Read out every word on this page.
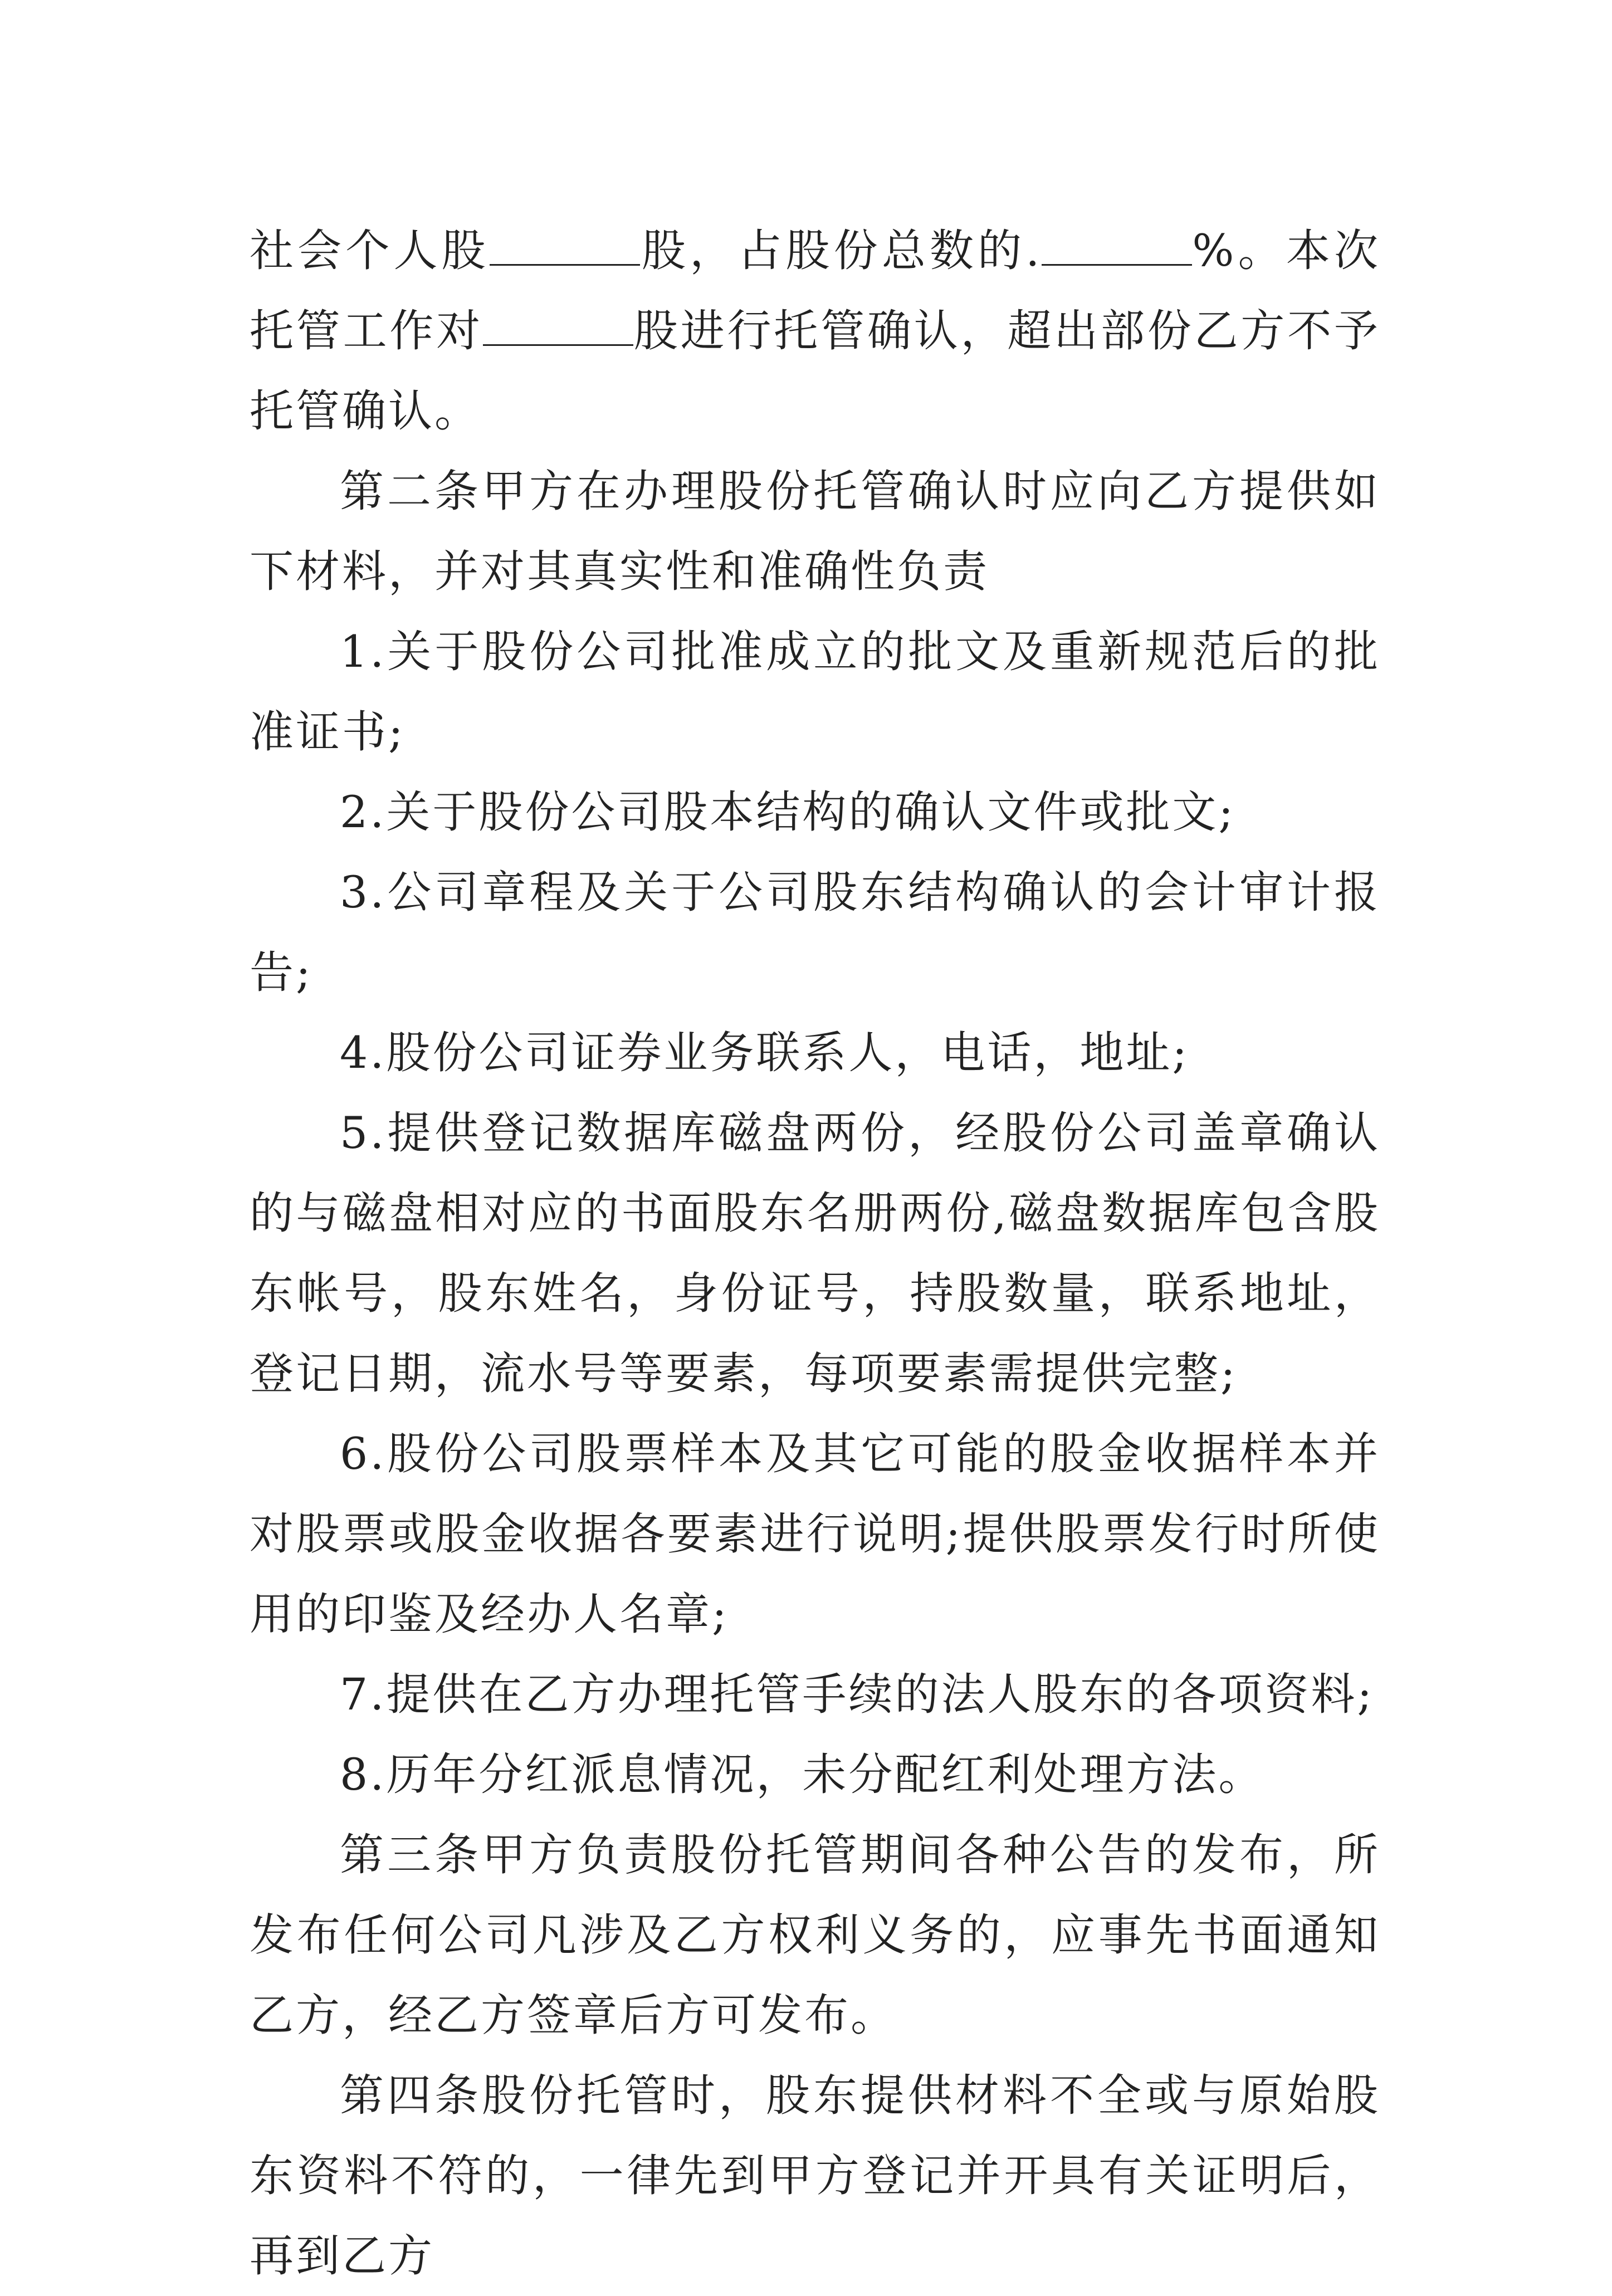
社会个人股	股，占股份总数的.	%。本次托管工作对	股进行托管确认，超出部份乙方不予托管确认。

第二条甲方在办理股份托管确认时应向乙方提供如下材料，并对其真实性和准确性负责

1.关于股份公司批准成立的批文及重新规范后的批准证书;

2.关于股份公司股本结构的确认文件或批文;

3.公司章程及关于公司股东结构确认的会计审计报告;

4.股份公司证券业务联系人，电话，地址;

5.提供登记数据库磁盘两份，经股份公司盖章确认的与磁盘相对应的书面股东名册两份,磁盘数据库包含股东帐号，股东姓名，身份证号，持股数量，联系地址，登记日期，流水号等要素，每项要素需提供完整;

6.股份公司股票样本及其它可能的股金收据样本并对股票或股金收据各要素进行说明;提供股票发行时所使用的印鉴及经办人名章;

7.提供在乙方办理托管手续的法人股东的各项资料;

8.历年分红派息情况，未分配红利处理方法。

第三条甲方负责股份托管期间各种公告的发布，所发布任何公司凡涉及乙方权利义务的，应事先书面通知乙方，经乙方签章后方可发布。

第四条股份托管时，股东提供材料不全或与原始股东资料不符的，一律先到甲方登记并开具有关证明后，再到乙方
